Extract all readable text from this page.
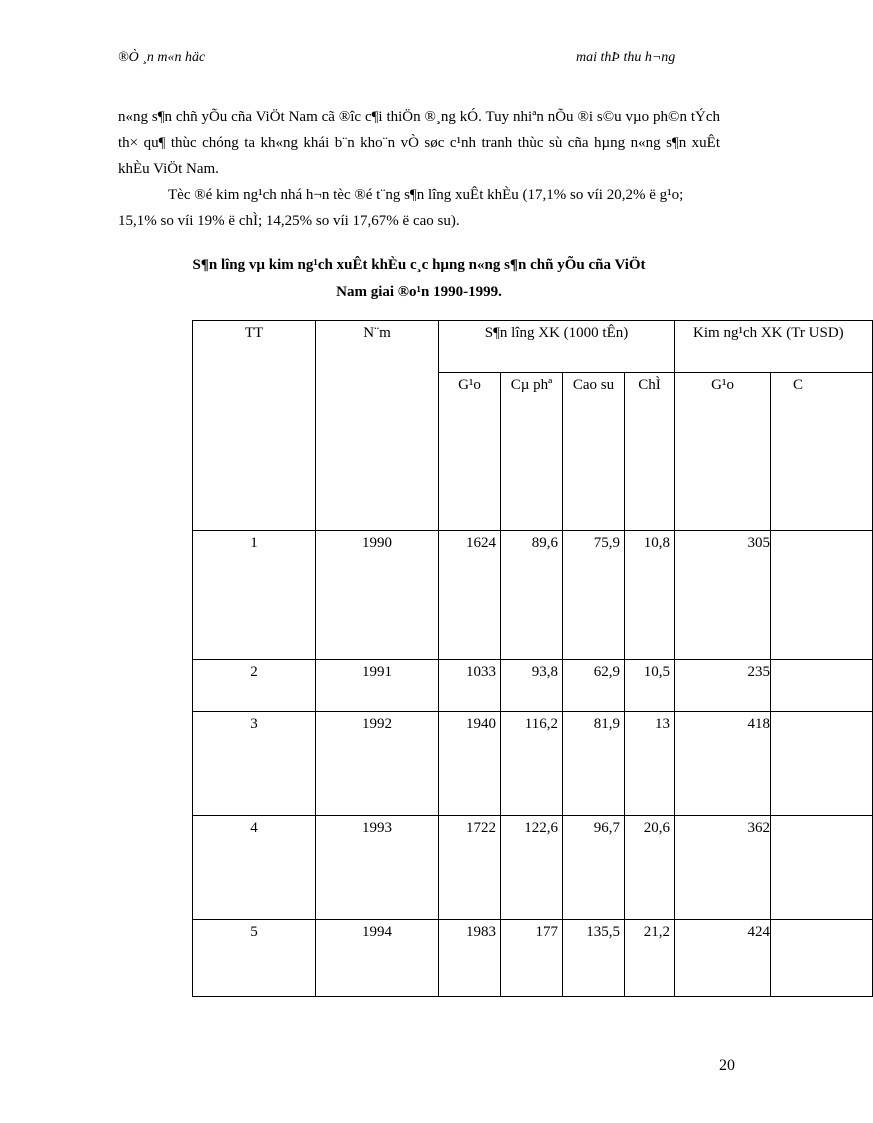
®Ò ¸n m«n häc	mai thÞ thu h¬ng

n«ng s¶n chñ yÕu cña ViÖt Nam cã ®îc c¶i thiÖn ®¸ng kÓ. Tuy nhiªn nÕu ®i s©u vµo ph©n tÝch th× qu¶ thùc chóng ta kh«ng khái b¨n kho¨n vÒ søc c¹nh tranh thùc sù cña hµng n«ng s¶n xuÊt khÈu ViÖt Nam.

Tèc ®é kim ng¹ch nhá h¬n tèc ®é t¨ng s¶n lîng xuÊt khÈu (17,1% so víi 20,2% ë g¹o; 15,1% so víi 19% ë chÌ; 14,25% so víi 17,67% ë cao su).

S¶n lîng vµ kim ng¹ch xuÊt khÈu c¸c hµng n«ng s¶n chñ yÕu cña ViÖt
Nam giai ®o¹n 1990-1999.
TT	N¨m	S¶n lîng XK (1000 tÊn)				Kim ng¹ch XK (Tr USD)	
		G¹o	Cµ phª	Cao su	ChÌ	G¹o	C
1	1990	1624	89,6	75,9	10,8	305	
2	1991	1033	93,8	62,9	10,5	235	
3	1992	1940	116,2	81,9	13	418	
4	1993	1722	122,6	96,7	20,6	362	
5	1994	1983	177	135,5	21,2	424	
20
